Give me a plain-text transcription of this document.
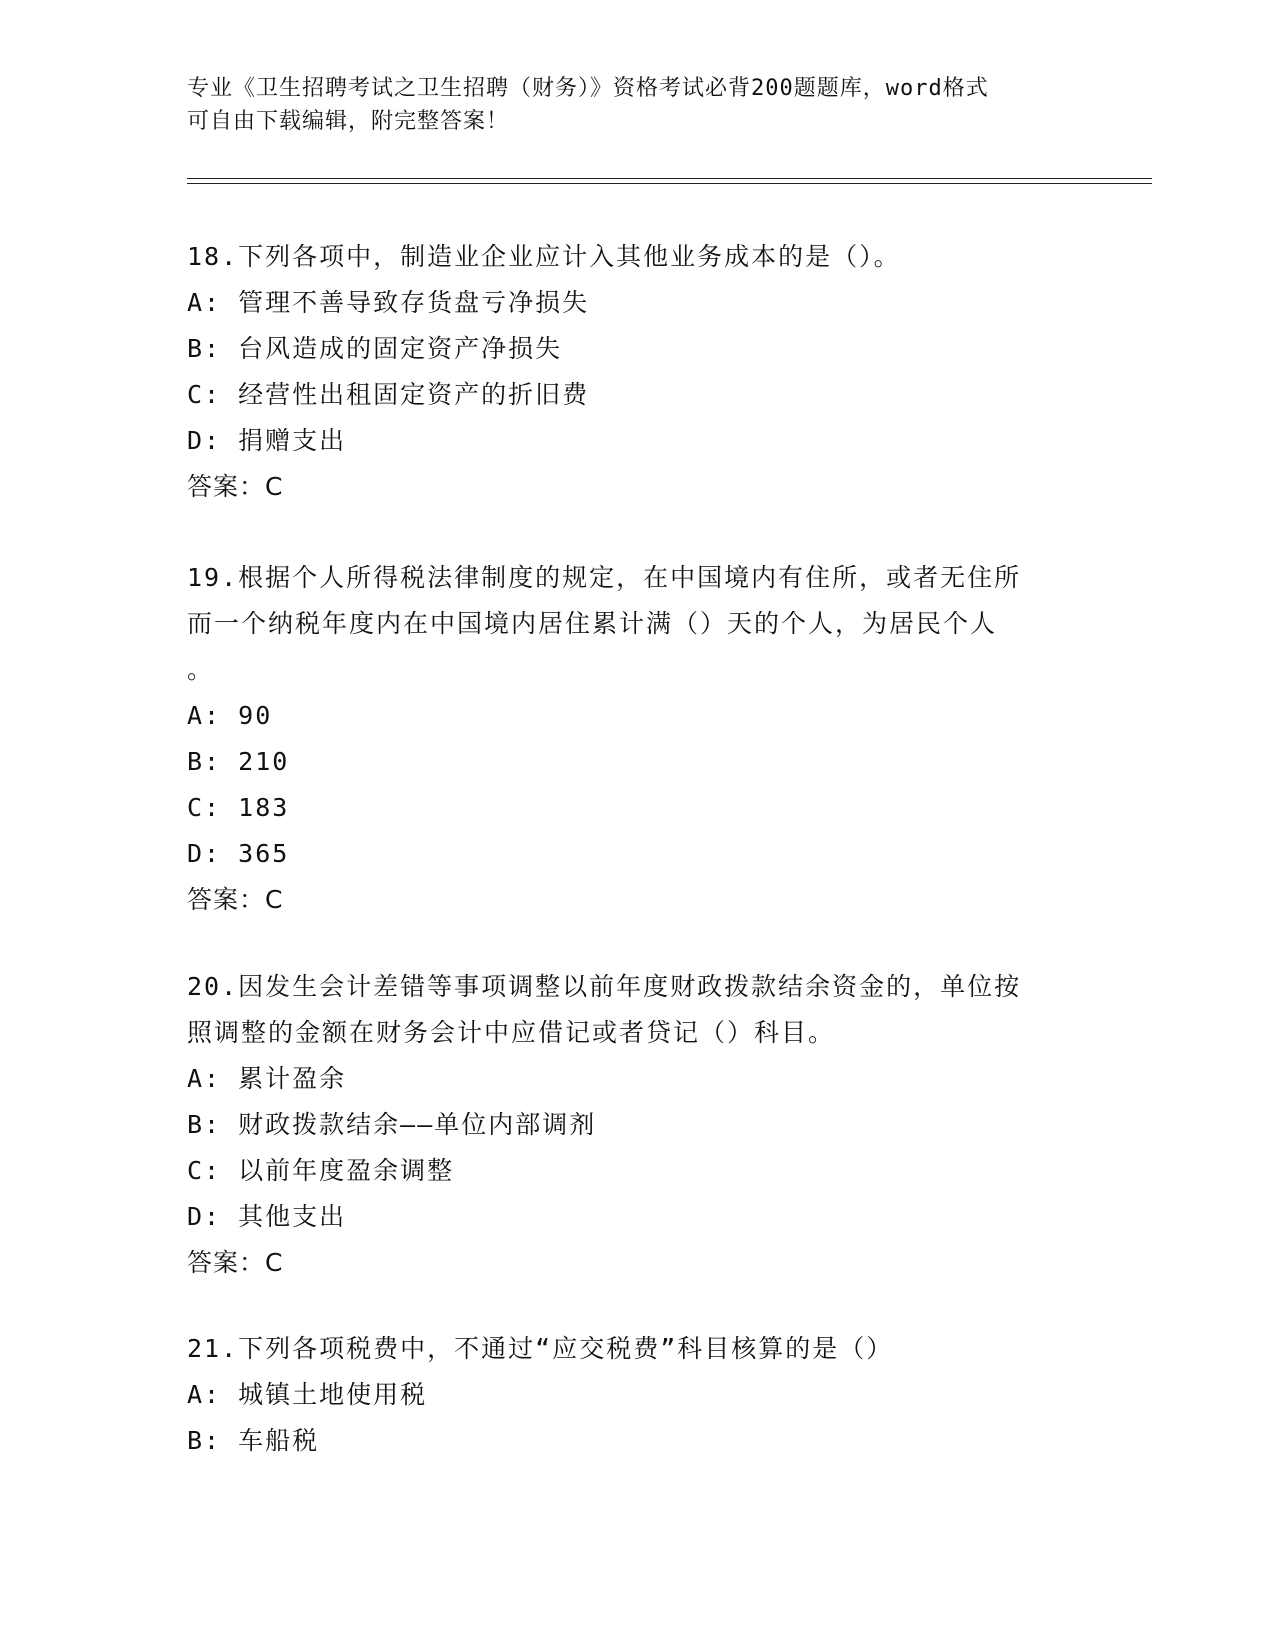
专业《卫生招聘考试之卫生招聘（财务）》资格考试必背200题题库，word格式
可自由下载编辑，附完整答案！
18.下列各项中，制造业企业应计入其他业务成本的是（）。
A: 管理不善导致存货盘亏净损失
B: 台风造成的固定资产净损失
C: 经营性出租固定资产的折旧费
D: 捐赠支出
答案：C
19.根据个人所得税法律制度的规定，在中国境内有住所，或者无住所
而一个纳税年度内在中国境内居住累计满（）天的个人，为居民个人
。
A: 90
B: 210
C: 183
D: 365
答案：C
20.因发生会计差错等事项调整以前年度财政拨款结余资金的，单位按
照调整的金额在财务会计中应借记或者贷记（）科目。
A: 累计盈余
B: 财政拨款结余——单位内部调剂
C: 以前年度盈余调整
D: 其他支出
答案：C
21.下列各项税费中，不通过“应交税费”科目核算的是（）
A: 城镇土地使用税
B: 车船税
